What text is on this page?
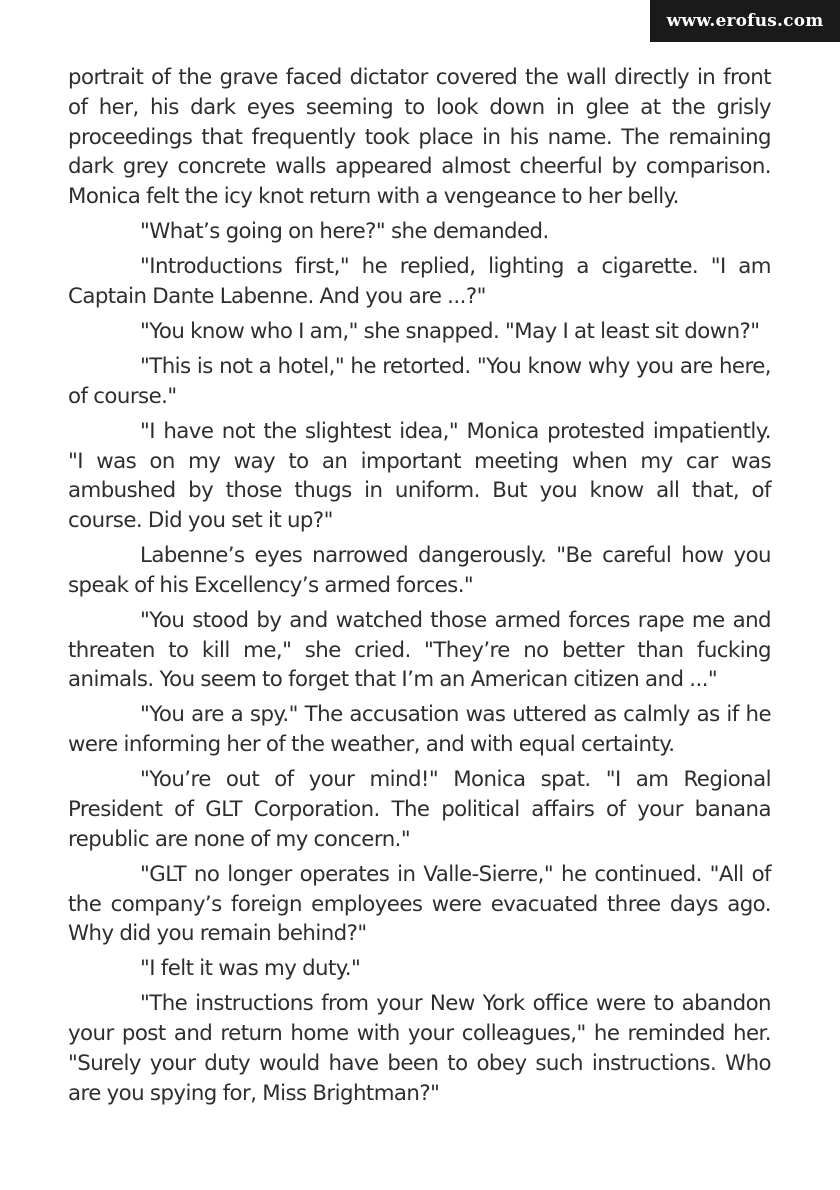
www.erofus.com

portrait of the grave faced dictator covered the wall directly in front of her, his dark eyes seeming to look down in glee at the grisly proceedings that frequently took place in his name. The remaining dark grey concrete walls appeared almost cheerful by comparison. Monica felt the icy knot return with a vengeance to her belly.

"What’s going on here?" she demanded.

"Introductions first," he replied, lighting a cigarette. "I am Captain Dante Labenne. And you are ...?"

"You know who I am," she snapped. "May I at least sit down?"

"This is not a hotel," he retorted. "You know why you are here, of course."

"I have not the slightest idea," Monica protested impatiently. "I was on my way to an important meeting when my car was ambushed by those thugs in uniform. But you know all that, of course. Did you set it up?"

Labenne’s eyes narrowed dangerously. "Be careful how you speak of his Excellency’s armed forces."

"You stood by and watched those armed forces rape me and threaten to kill me," she cried. "They’re no better than fucking animals. You seem to forget that I’m an American citizen and ..."

"You are a spy." The accusation was uttered as calmly as if he were informing her of the weather, and with equal certainty.

"You’re out of your mind!" Monica spat. "I am Regional President of GLT Corporation. The political affairs of your banana republic are none of my concern."

"GLT no longer operates in Valle-Sierre," he continued. "All of the company’s foreign employees were evacuated three days ago. Why did you remain behind?"

"I felt it was my duty."

"The instructions from your New York office were to abandon your post and return home with your colleagues," he reminded her. "Surely your duty would have been to obey such instructions. Who are you spying for, Miss Brightman?"
